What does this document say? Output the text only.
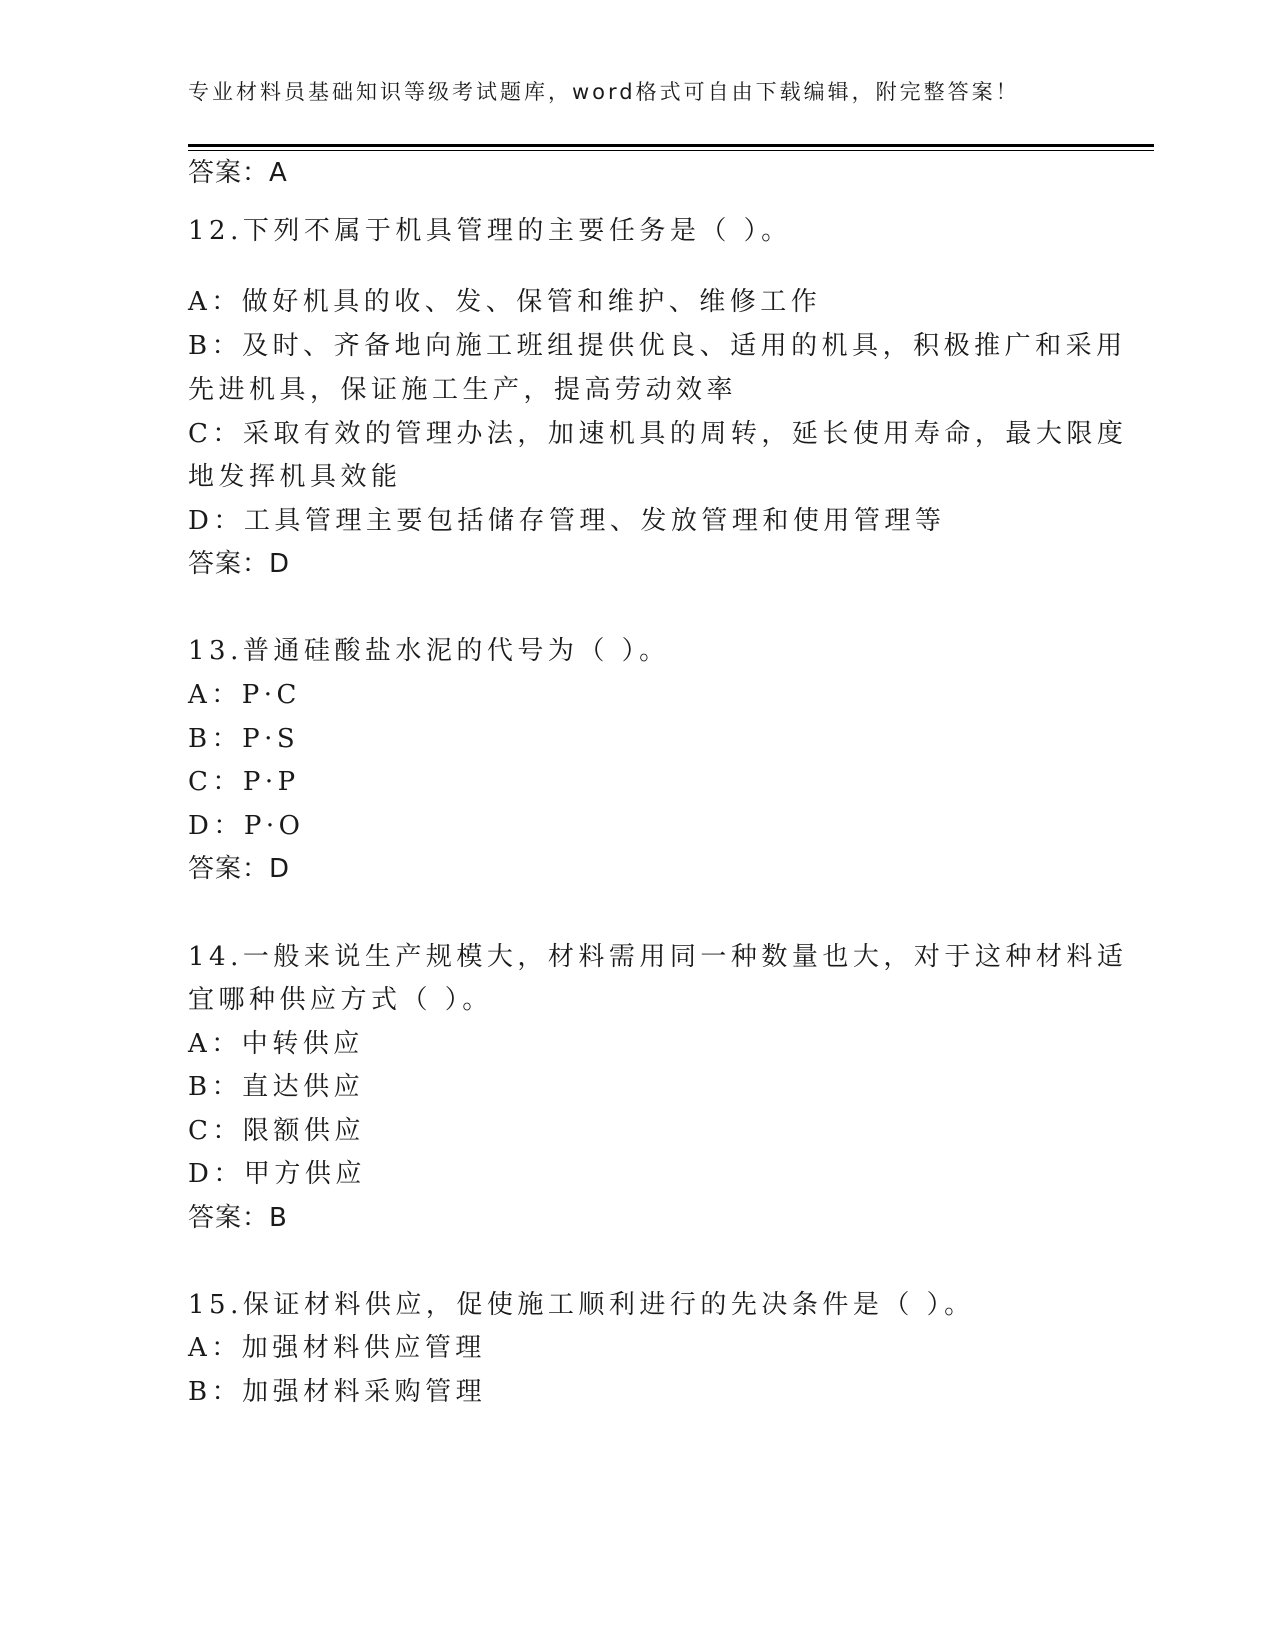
专业材料员基础知识等级考试题库，word格式可自由下载编辑，附完整答案！
答案：A
12.下列不属于机具管理的主要任务是（ ）。
A：做好机具的收、发、保管和维护、维修工作
B：及时、齐备地向施工班组提供优良、适用的机具，积极推广和采用
先进机具，保证施工生产，提高劳动效率
C：采取有效的管理办法，加速机具的周转，延长使用寿命，最大限度
地发挥机具效能
D：工具管理主要包括储存管理、发放管理和使用管理等
答案：D
13.普通硅酸盐水泥的代号为（ ）。
A：P·C
B：P·S
C：P·P
D：P·O
答案：D
14.一般来说生产规模大，材料需用同一种数量也大，对于这种材料适
宜哪种供应方式（ ）。
A：中转供应
B：直达供应
C：限额供应
D：甲方供应
答案：B
15.保证材料供应，促使施工顺利进行的先决条件是（ ）。
A：加强材料供应管理
B：加强材料采购管理
